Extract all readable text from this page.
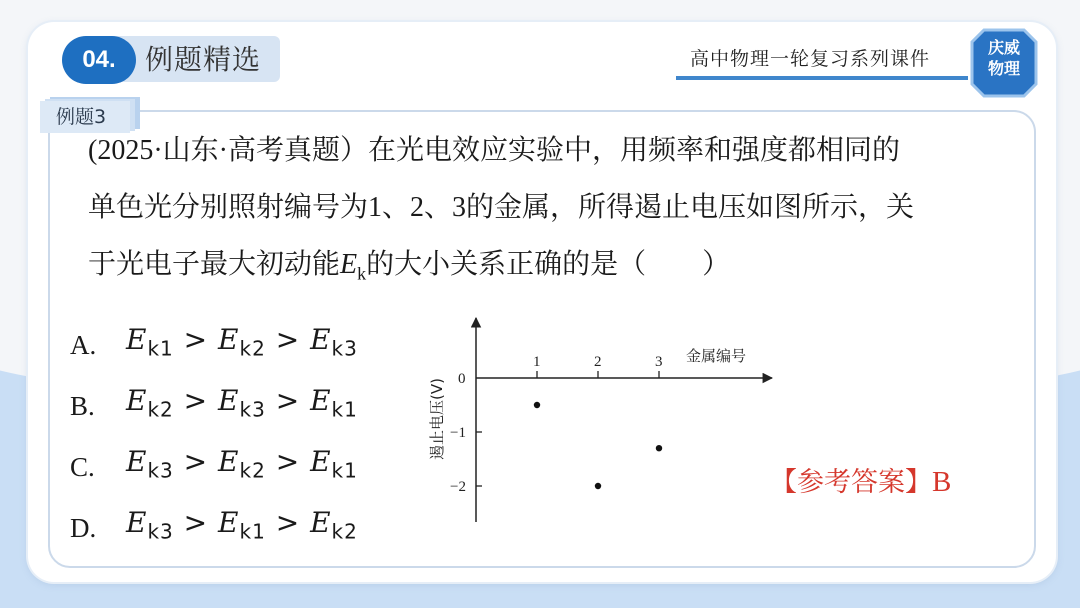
04.	例题精选	高中物理一轮复习系列课件
庆威
物理
例题3
(2025·山东·高考真题）在光电效应实验中，用频率和强度都相同的
单色光分别照射编号为1、2、3的金属，所得遏止电压如图所示，关
于光电子最大初动能$E_k$的大小关系正确的是（　　）
A.	$E_{k1} > E_{k2} > E_{k3}$
B.	$E_{k2} > E_{k3} > E_{k1}$
C.	$E_{k3} > E_{k2} > E_{k1}$
D.	$E_{k3} > E_{k1} > E_{k2}$
1	2	3
0
−1
−2
金属编号
遏止电压(V)
【参考答案】B
